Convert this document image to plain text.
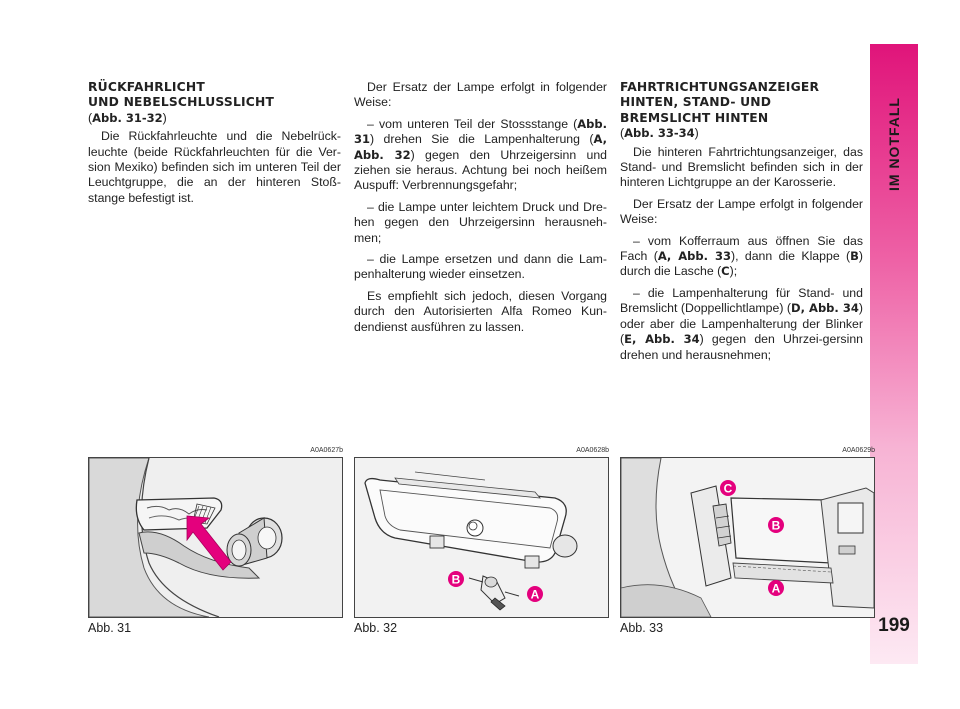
IM NOTFALL
199
RÜCKFAHRLICHT
UND NEBELSCHLUSSLICHT
(Abb. 31-32)

Die Rückfahrleuchte und die Nebelrück-leuchte (beide Rückfahrleuchten für die Ver-sion Mexiko) befinden sich im unteren Teil der Leuchtgruppe, die an der hinteren Stoß-stange befestigt ist.

Der Ersatz der Lampe erfolgt in folgender Weise:

– vom unteren Teil der Stossstange (Abb. 31) drehen Sie die Lampenhalterung (A, Abb. 32) gegen den Uhrzeigersinn und ziehen sie heraus. Achtung bei noch heißem Auspuff: Verbrennungsgefahr;

– die Lampe unter leichtem Druck und Dre-hen gegen den Uhrzeigersinn herausneh-men;

– die Lampe ersetzen und dann die Lam-penhalterung wieder einsetzen.

Es empfiehlt sich jedoch, diesen Vorgang durch den Autorisierten Alfa Romeo Kun-dendienst ausführen zu lassen.

FAHRTRICHTUNGSANZEIGER
HINTEN, STAND- UND
BREMSLICHT HINTEN
(Abb. 33-34)

Die hinteren Fahrtrichtungsanzeiger, das Stand- und Bremslicht befinden sich in der hinteren Lichtgruppe an der Karosserie.

Der Ersatz der Lampe erfolgt in folgender Weise:

– vom Kofferraum aus öffnen Sie das Fach (A, Abb. 33), dann die Klappe (B) durch die Lasche (C);

– die Lampenhalterung für Stand- und Bremslicht (Doppellichtlampe) (D, Abb. 34) oder aber die Lampenhalterung der Blinker (E, Abb. 34) gegen den Uhrzei-gersinn drehen und herausnehmen;

A0A0627b
Abb. 31
A0A0628b
B
A
Abb. 32
A0A0629b
C
B
A
Abb. 33
